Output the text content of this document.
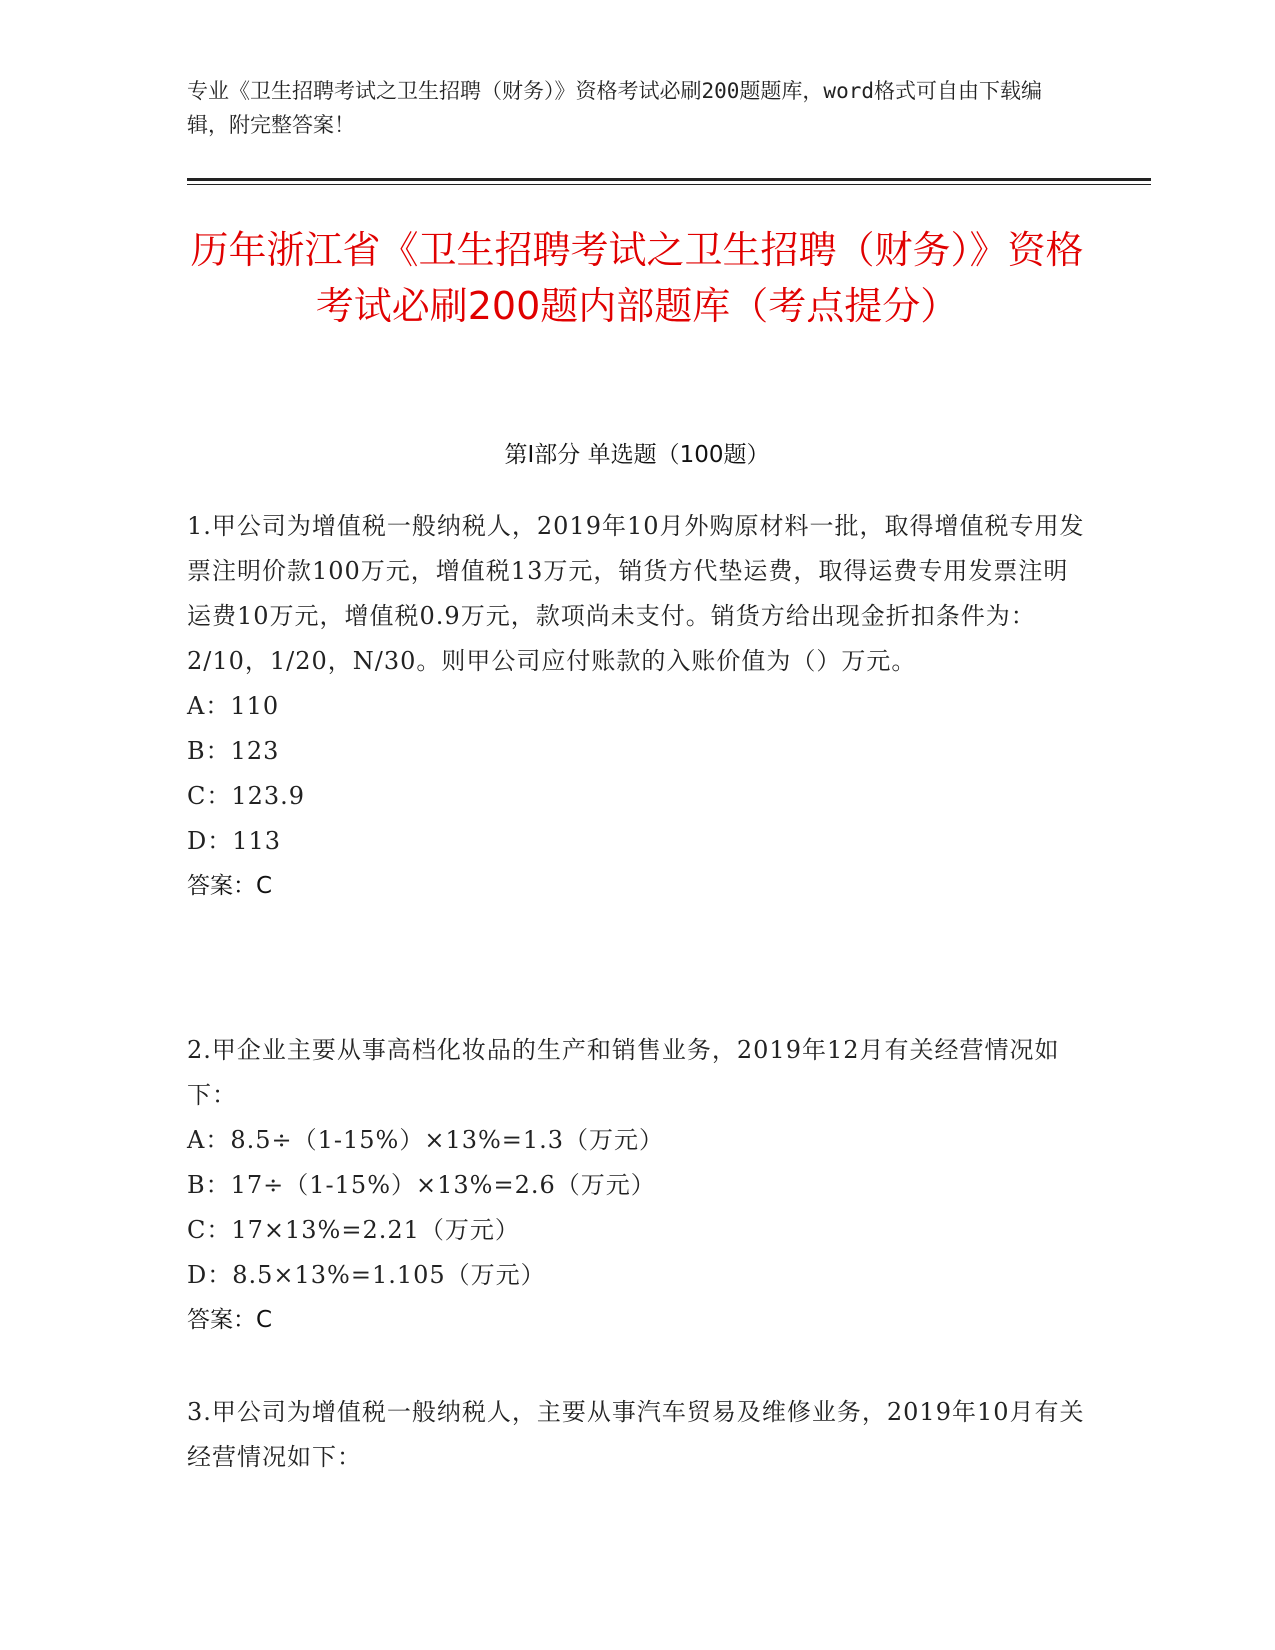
专业《卫生招聘考试之卫生招聘（财务）》资格考试必刷200题题库，word格式可自由下载编辑，附完整答案！
历年浙江省《卫生招聘考试之卫生招聘（财务）》资格考试必刷200题内部题库（考点提分）
第Ⅰ部分 单选题（100题）
1.甲公司为增值税一般纳税人，2019年10月外购原材料一批，取得增值税专用发票注明价款100万元，增值税13万元，销货方代垫运费，取得运费专用发票注明运费10万元，增值税0.9万元，款项尚未支付。销货方给出现金折扣条件为：2/10，1/20，N/30。则甲公司应付账款的入账价值为（）万元。
A：110
B：123
C：123.9
D：113
答案：C
2.甲企业主要从事高档化妆品的生产和销售业务，2019年12月有关经营情况如下：
A：8.5÷（1-15%）×13%=1.3（万元）
B：17÷（1-15%）×13%=2.6（万元）
C：17×13%=2.21（万元）
D：8.5×13%=1.105（万元）
答案：C
3.甲公司为增值税一般纳税人，主要从事汽车贸易及维修业务，2019年10月有关经营情况如下：
